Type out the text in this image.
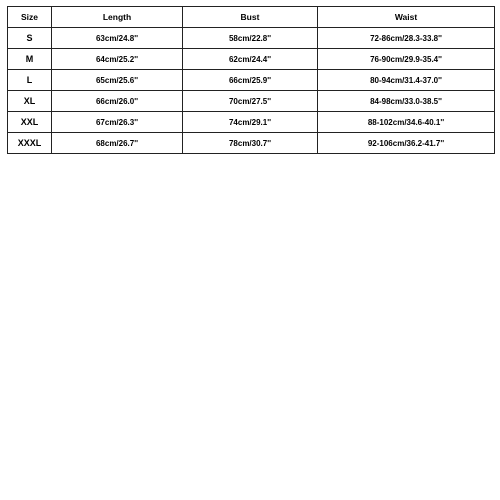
Size	Length	Bust	Waist
S	63cm/24.8''	58cm/22.8''	72-86cm/28.3-33.8''
M	64cm/25.2''	62cm/24.4''	76-90cm/29.9-35.4''
L	65cm/25.6''	66cm/25.9''	80-94cm/31.4-37.0''
XL	66cm/26.0''	70cm/27.5''	84-98cm/33.0-38.5''
XXL	67cm/26.3''	74cm/29.1''	88-102cm/34.6-40.1''
XXXL	68cm/26.7''	78cm/30.7''	92-106cm/36.2-41.7''
